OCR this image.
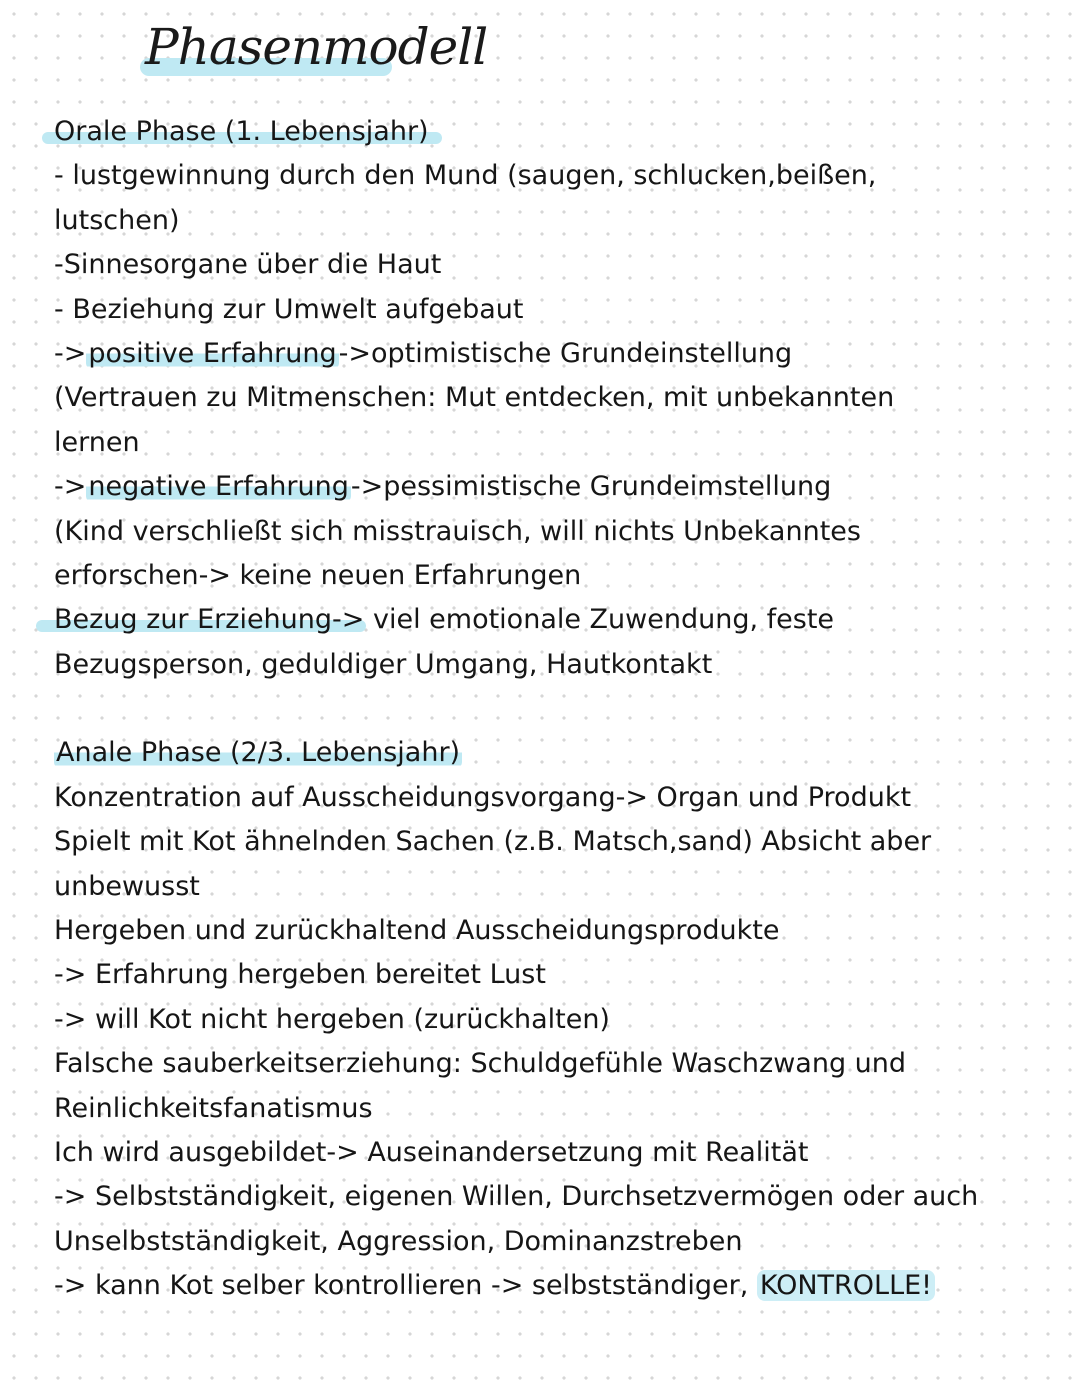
Phasenmodell
Orale Phase (1. Lebensjahr)
- lustgewinnung durch den Mund (saugen, schlucken,beißen,
lutschen)
-Sinnesorgane über die Haut
- Beziehung zur Umwelt aufgebaut
->positive Erfahrung->optimistische Grundeinstellung
(Vertrauen zu Mitmenschen: Mut entdecken, mit unbekannten
lernen
->negative Erfahrung->pessimistische Grundeimstellung
(Kind verschließt sich misstrauisch, will nichts Unbekanntes
erforschen-> keine neuen Erfahrungen
Bezug zur Erziehung-> viel emotionale Zuwendung, feste
Bezugsperson, geduldiger Umgang, Hautkontakt
Anale Phase (2/3. Lebensjahr)
Konzentration auf Ausscheidungsvorgang-> Organ und Produkt
Spielt mit Kot ähnelnden Sachen (z.B. Matsch,sand) Absicht aber
unbewusst
Hergeben und zurückhaltend Ausscheidungsprodukte
-> Erfahrung hergeben bereitet Lust
-> will Kot nicht hergeben (zurückhalten)
Falsche sauberkeitserziehung: Schuldgefühle Waschzwang und
Reinlichkeitsfanatismus
Ich wird ausgebildet-> Auseinandersetzung mit Realität
-> Selbstständigkeit, eigenen Willen, Durchsetzvermögen oder auch
Unselbstständigkeit, Aggression, Dominanzstreben
-> kann Kot selber kontrollieren -> selbstständiger, KONTROLLE!
